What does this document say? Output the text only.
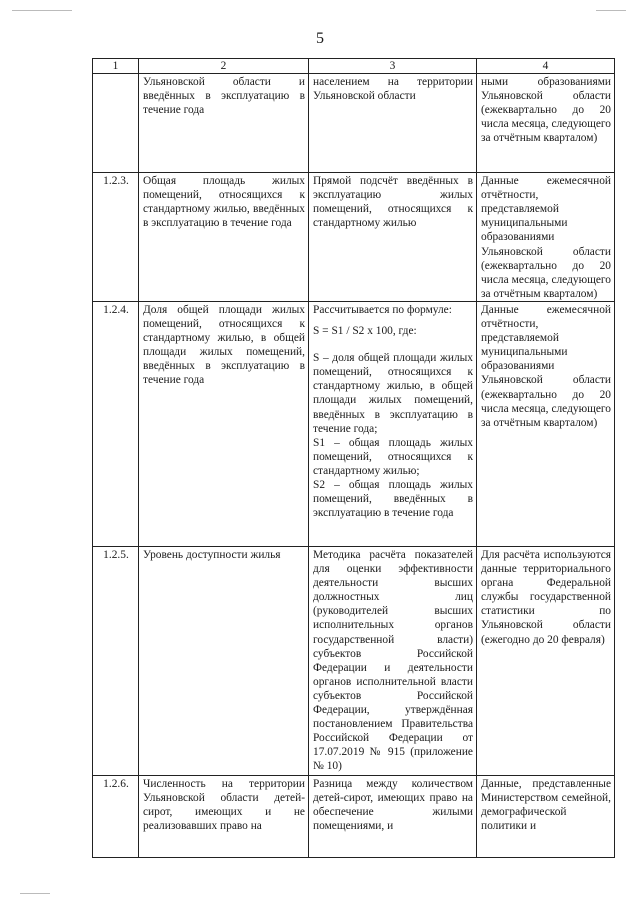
5
1	2	3	4
	Ульяновской области и введённых в эксплуатацию в течение года	населением на территории Ульяновской области	ными образованиями Ульяновской области (ежеквартально до 20 числа месяца, следующего за отчётным кварталом)
1.2.3.	Общая площадь жилых помещений, относящихся к стандартному жилью, введённых в эксплуатацию в течение года	Прямой подсчёт введённых в эксплуатацию жилых помещений, относящихся к стандартному жилью	Данные ежемесячной отчётности, представляемой муниципальными образованиями Ульяновской области (ежеквартально до 20 числа месяца, следующего за отчётным кварталом)
1.2.4.	Доля общей площади жилых помещений, относящихся к стандартному жилью, в общей площади жилых помещений, введённых в эксплуатацию в течение года	Рассчитывается по формуле:
S = S1 / S2 x 100, где:
S – доля общей площади жилых помещений, относящихся к стандартному жилью, в общей площади жилых помещений, введённых в эксплуатацию в течение года;
S1 – общая площадь жилых помещений, относящихся к стандартному жилью;
S2 – общая площадь жилых помещений, введённых в эксплуатацию в течение года	Данные ежемесячной отчётности, представляемой муниципальными образованиями Ульяновской области (ежеквартально до 20 числа месяца, следующего за отчётным кварталом)
1.2.5.	Уровень доступности жилья	Методика расчёта показателей для оценки эффективности деятельности высших должностных лиц (руководителей высших исполнительных органов государственной власти) субъектов Российской Федерации и деятельности органов исполнительной власти субъектов Российской Федерации, утверждённая постановлением Правительства Российской Федерации от 17.07.2019 № 915 (приложение № 10)	Для расчёта используются данные территориального органа Федеральной службы государственной статистики по Ульяновской области (ежегодно до 20 февраля)
1.2.6.	Численность на территории Ульяновской области детей-сирот, имеющих и не реализовавших право на	Разница между количеством детей-сирот, имеющих право на обеспечение жилыми помещениями, и	Данные, представленные Министерством семейной, демографической политики и
